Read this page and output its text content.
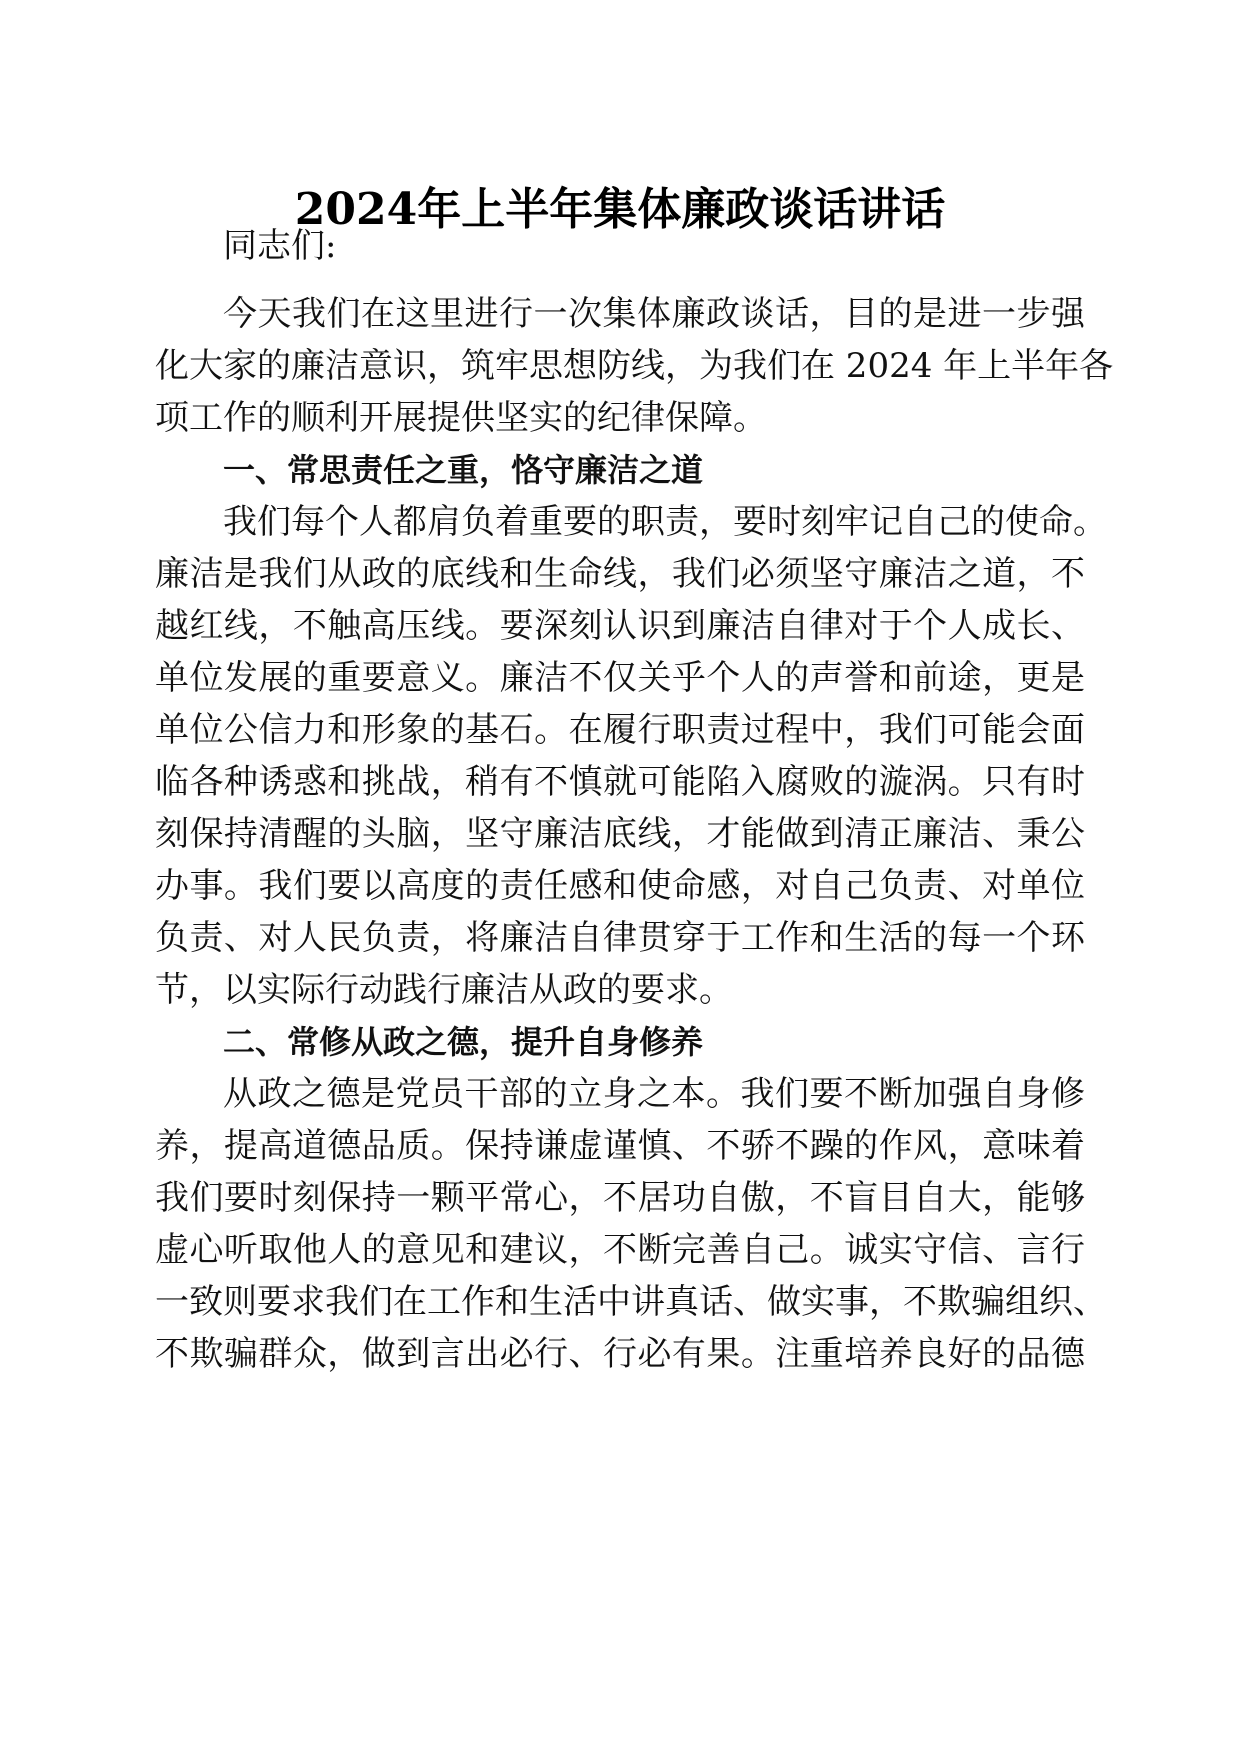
2024年上半年集体廉政谈话讲话
同志们:
今天我们在这里进行一次集体廉政谈话，目的是进一步强
化大家的廉洁意识，筑牢思想防线，为我们在 2024 年上半年各
项工作的顺利开展提供坚实的纪律保障。
一、常思责任之重，恪守廉洁之道
我们每个人都肩负着重要的职责，要时刻牢记自己的使命。
廉洁是我们从政的底线和生命线，我们必须坚守廉洁之道，不
越红线，不触高压线。要深刻认识到廉洁自律对于个人成长、
单位发展的重要意义。廉洁不仅关乎个人的声誉和前途，更是
单位公信力和形象的基石。在履行职责过程中，我们可能会面
临各种诱惑和挑战，稍有不慎就可能陷入腐败的漩涡。只有时
刻保持清醒的头脑，坚守廉洁底线，才能做到清正廉洁、秉公
办事。我们要以高度的责任感和使命感，对自己负责、对单位
负责、对人民负责，将廉洁自律贯穿于工作和生活的每一个环
节，以实际行动践行廉洁从政的要求。
二、常修从政之德，提升自身修养
从政之德是党员干部的立身之本。我们要不断加强自身修
养，提高道德品质。保持谦虚谨慎、不骄不躁的作风，意味着
我们要时刻保持一颗平常心，不居功自傲，不盲目自大，能够
虚心听取他人的意见和建议，不断完善自己。诚实守信、言行
一致则要求我们在工作和生活中讲真话、做实事，不欺骗组织、
不欺骗群众，做到言出必行、行必有果。注重培养良好的品德
